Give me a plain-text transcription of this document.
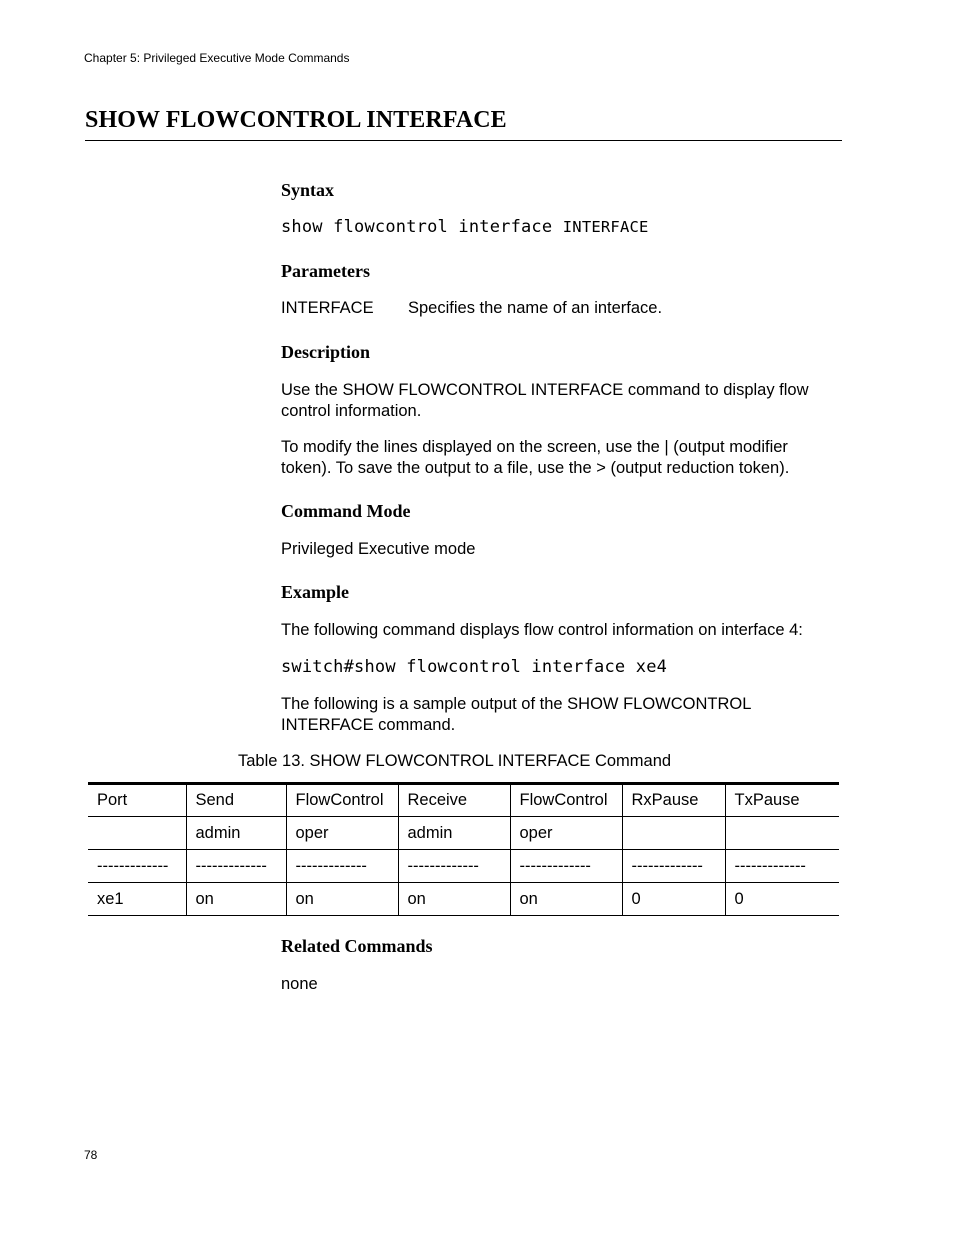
Chapter 5: Privileged Executive Mode Commands
SHOW FLOWCONTROL INTERFACE
Syntax
show flowcontrol interface INTERFACE
Parameters
INTERFACE Specifies the name of an interface.
Description
Use the SHOW FLOWCONTROL INTERFACE command to display flow
control information.
To modify the lines displayed on the screen, use the | (output modifier
token). To save the output to a file, use the > (output reduction token).
Command Mode
Privileged Executive mode
Example
The following command displays flow control information on interface 4:
switch#show flowcontrol interface xe4
The following is a sample output of the SHOW FLOWCONTROL
INTERFACE command.
Table 13. SHOW FLOWCONTROL INTERFACE Command
Port	Send	FlowControl	Receive	FlowControl	RxPause	TxPause
	admin	oper	admin	oper		
-------------	-------------	-------------	-------------	-------------	-------------	-------------
xe1	on	on	on	on	0	0
Related Commands
none
78
